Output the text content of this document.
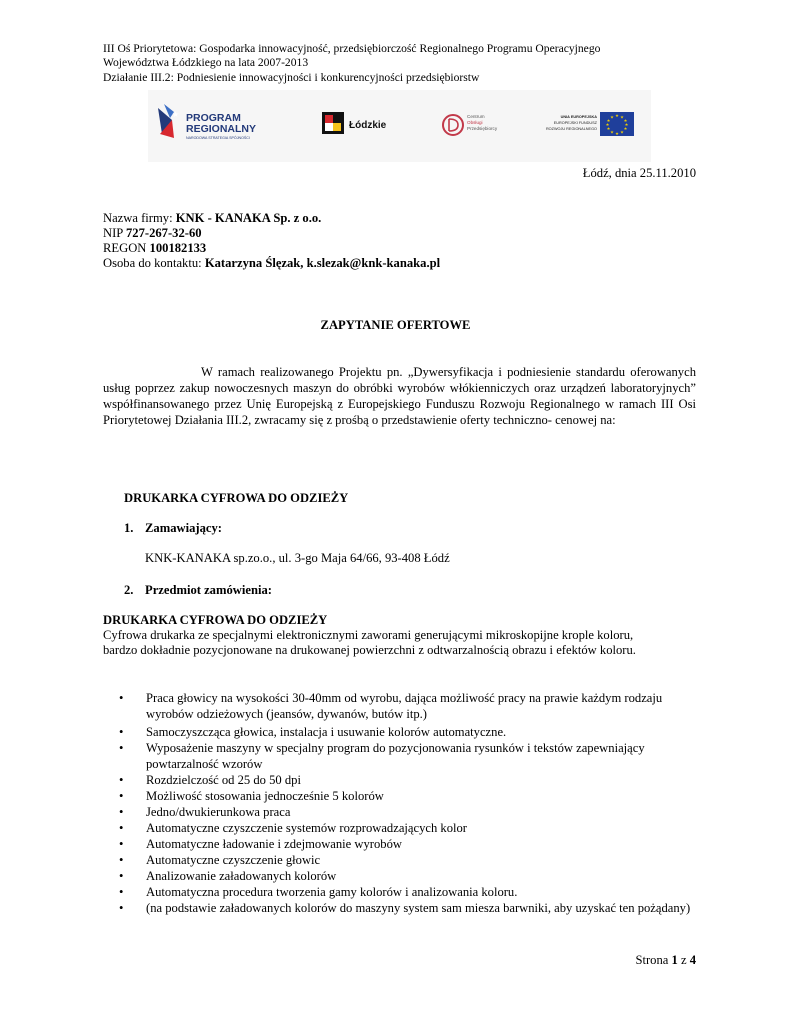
III Oś Priorytetowa: Gospodarka innowacyjność, przedsiębiorczość Regionalnego Programu Operacyjnego
Województwa Łódzkiego na lata 2007-2013
Działanie III.2: Podniesienie innowacyjności i konkurencyjności przedsiębiorstw
★ PROGRAM
REGIONALNY
NARODOWA STRATEGIA SPÓJNOŚCI
Łódzkie
Centrum
Obsługi
Przedsiębiorcy
UNIA EUROPEJSKA
EUROPEJSKI FUNDUSZ
ROZWOJU REGIONALNEGO
★ ★
★
★
★
★
★
★
★
★
★
★
Łódź, dnia 25.11.2010
Nazwa firmy: KNK - KANAKA Sp. z o.o.
NIP 727-267-32-60
REGON 100182133
Osoba do kontaktu: Katarzyna Ślęzak, k.slezak@knk-kanaka.pl
ZAPYTANIE OFERTOWE
W ramach realizowanego Projektu pn. „Dywersyfikacja i podniesienie standardu oferowanych usług poprzez zakup nowoczesnych maszyn do obróbki wyrobów włókienniczych oraz urządzeń laboratoryjnych” współfinansowanego przez Unię Europejską z Europejskiego Funduszu Rozwoju Regionalnego w ramach III Osi Priorytetowej Działania III.2, zwracamy się z prośbą o przedstawienie oferty techniczno- cenowej na:
DRUKARKA CYFROWA DO ODZIEŻY
1. Zamawiający:
KNK-KANAKA sp.zo.o., ul. 3-go Maja 64/66, 93-408 Łódź
2. Przedmiot zamówienia:
DRUKARKA CYFROWA DO ODZIEŻY
Cyfrowa drukarka ze specjalnymi elektronicznymi zaworami generującymi mikroskopijne krople koloru,
bardzo dokładnie pozycjonowane na drukowanej powierzchni z odtwarzalnością obrazu i efektów koloru.
• Praca głowicy na wysokości 30-40mm od wyrobu, dająca możliwość pracy na prawie każdym rodzaju wyrobów odzieżowych (jeansów, dywanów, butów itp.)
• Samoczyszcząca głowica, instalacja i usuwanie kolorów automatyczne.
• Wyposażenie maszyny w specjalny program do pozycjonowania rysunków i tekstów zapewniający powtarzalność wzorów
• Rozdzielczość od 25 do 50 dpi
• Możliwość stosowania jednocześnie 5 kolorów
• Jedno/dwukierunkowa praca
• Automatyczne czyszczenie systemów rozprowadzających kolor
• Automatyczne ładowanie i zdejmowanie wyrobów
• Automatyczne czyszczenie głowic
• Analizowanie załadowanych kolorów
• Automatyczna procedura tworzenia gamy kolorów i analizowania koloru.
• (na podstawie załadowanych kolorów do maszyny system sam miesza barwniki, aby uzyskać ten pożądany)
Strona 1 z 4
